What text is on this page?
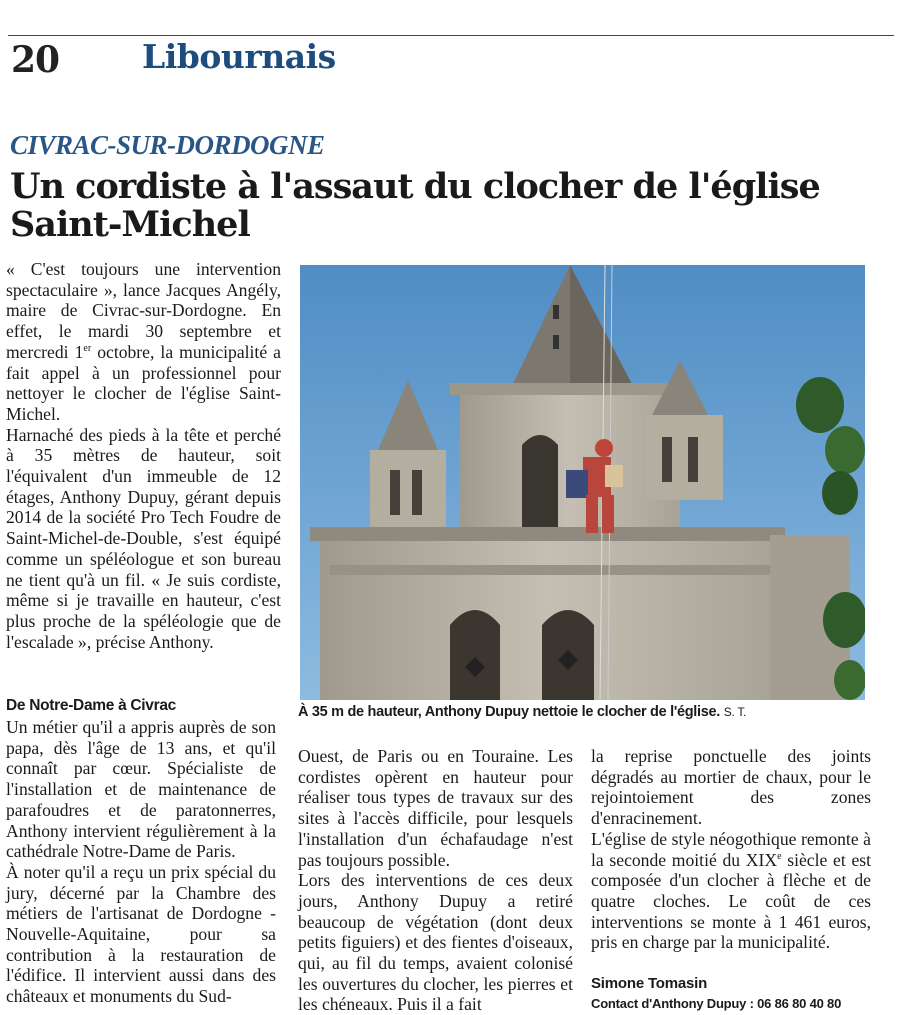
20	Libournais
CIVRAC-SUR-DORDOGNE
Un cordiste à l'assaut du clocher de l'église Saint-Michel

« C'est toujours une intervention spectaculaire », lance Jacques Angély, maire de Civrac-sur-Dordogne. En effet, le mardi 30 septembre et mercredi 1er octobre, la municipalité a fait appel à un professionnel pour nettoyer le clocher de l'église Saint-Michel.

Harnaché des pieds à la tête et perché à 35 mètres de hauteur, soit l'équivalent d'un immeuble de 12 étages, Anthony Dupuy, gérant depuis 2014 de la société Pro Tech Foudre de Saint-Michel-de-Double, s'est équipé comme un spéléologue et son bureau ne tient qu'à un fil. « Je suis cordiste, même si je travaille en hauteur, c'est plus proche de la spéléologie que de l'escalade », précise Anthony.

De Notre-Dame à Civrac

Un métier qu'il a appris auprès de son papa, dès l'âge de 13 ans, et qu'il connaît par cœur. Spécialiste de l'installation et de maintenance de parafoudres et de paratonnerres, Anthony intervient régulièrement à la cathédrale Notre-Dame de Paris.

À noter qu'il a reçu un prix spécial du jury, décerné par la Chambre des métiers de l'artisanat de Dordogne - Nouvelle-Aquitaine, pour sa contribution à la restauration de l'édifice. Il intervient aussi dans des châteaux et monuments du Sud-

Ouest, de Paris ou en Touraine. Les cordistes opèrent en hauteur pour réaliser tous types de travaux sur des sites à l'accès difficile, pour lesquels l'installation d'un échafaudage n'est pas toujours possible.

Lors des interventions de ces deux jours, Anthony Dupuy a retiré beaucoup de végétation (dont deux petits figuiers) et des fientes d'oiseaux, qui, au fil du temps, avaient colonisé les ouvertures du clocher, les pierres et les chéneaux. Puis il a fait

la reprise ponctuelle des joints dégradés au mortier de chaux, pour le rejointoiement des zones d'enracinement.

L'église de style néogothique remonte à la seconde moitié du XIXe siècle et est composée d'un clocher à flèche et de quatre cloches. Le coût de ces interventions se monte à 1 461 euros, pris en charge par la municipalité.

Simone Tomasin
Contact d'Anthony Dupuy : 06 86 80 40 80
À 35 m de hauteur, Anthony Dupuy nettoie le clocher de l'église. S. T.
